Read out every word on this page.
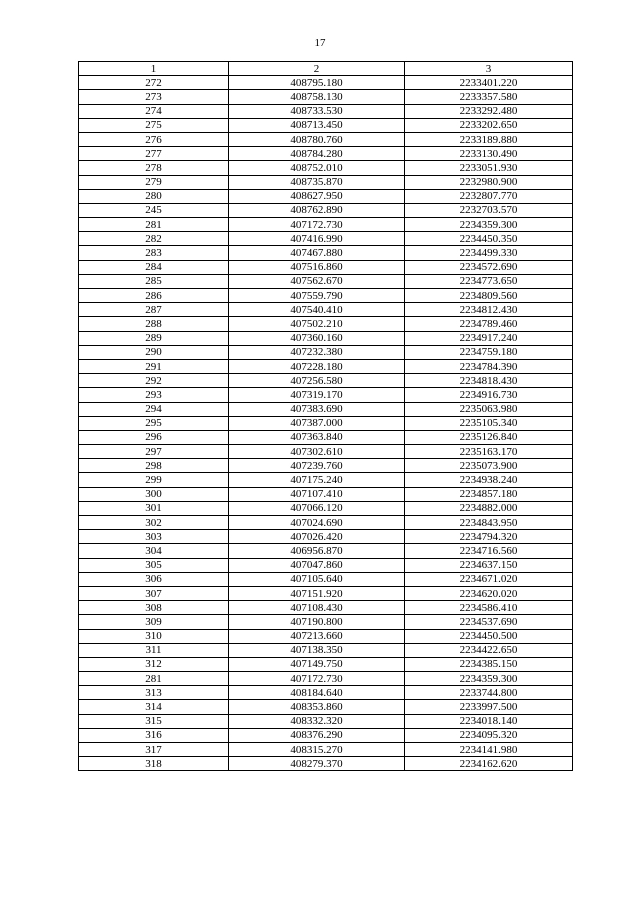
17
1	2	3
272	408795.180	2233401.220
273	408758.130	2233357.580
274	408733.530	2233292.480
275	408713.450	2233202.650
276	408780.760	2233189.880
277	408784.280	2233130.490
278	408752.010	2233051.930
279	408735.870	2232980.900
280	408627.950	2232807.770
245	408762.890	2232703.570
281	407172.730	2234359.300
282	407416.990	2234450.350
283	407467.880	2234499.330
284	407516.860	2234572.690
285	407562.670	2234773.650
286	407559.790	2234809.560
287	407540.410	2234812.430
288	407502.210	2234789.460
289	407360.160	2234917.240
290	407232.380	2234759.180
291	407228.180	2234784.390
292	407256.580	2234818.430
293	407319.170	2234916.730
294	407383.690	2235063.980
295	407387.000	2235105.340
296	407363.840	2235126.840
297	407302.610	2235163.170
298	407239.760	2235073.900
299	407175.240	2234938.240
300	407107.410	2234857.180
301	407066.120	2234882.000
302	407024.690	2234843.950
303	407026.420	2234794.320
304	406956.870	2234716.560
305	407047.860	2234637.150
306	407105.640	2234671.020
307	407151.920	2234620.020
308	407108.430	2234586.410
309	407190.800	2234537.690
310	407213.660	2234450.500
311	407138.350	2234422.650
312	407149.750	2234385.150
281	407172.730	2234359.300
313	408184.640	2233744.800
314	408353.860	2233997.500
315	408332.320	2234018.140
316	408376.290	2234095.320
317	408315.270	2234141.980
318	408279.370	2234162.620
